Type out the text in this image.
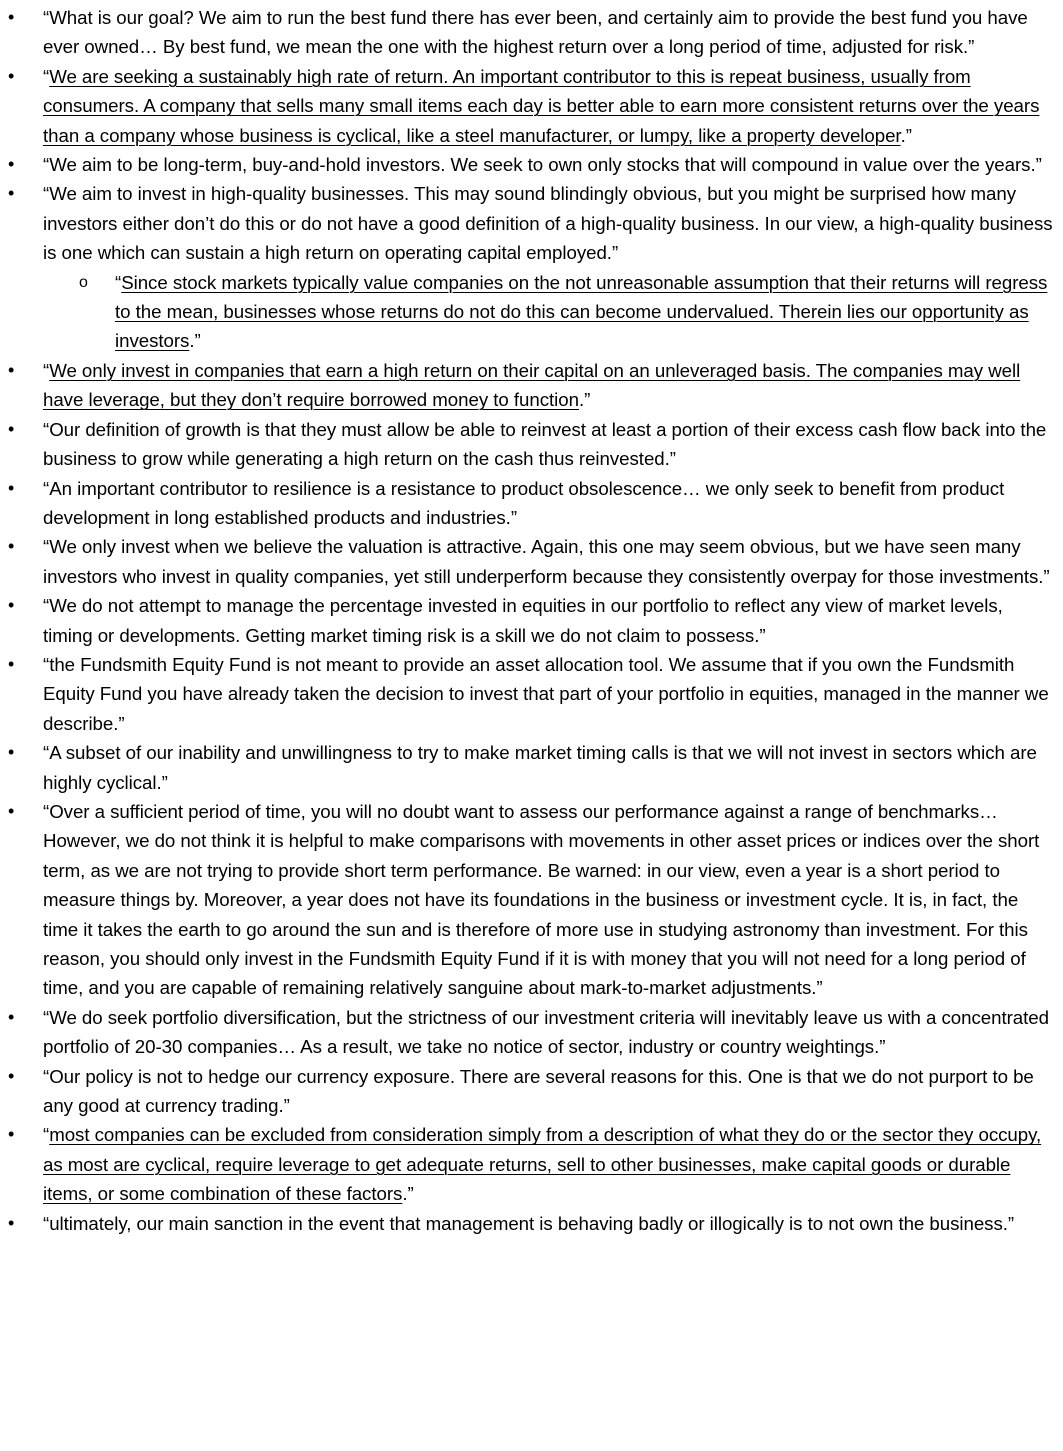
•	“What is our goal? We aim to run the best fund there has ever been, and certainly aim to provide the best fund you have ever owned… By best fund, we mean the one with the highest return over a long period of time, adjusted for risk.”
•	“We are seeking a sustainably high rate of return. An important contributor to this is repeat business, usually from consumers. A company that sells many small items each day is better able to earn more consistent returns over the years than a company whose business is cyclical, like a steel manufacturer, or lumpy, like a property developer.”
•	“We aim to be long-term, buy-and-hold investors. We seek to own only stocks that will compound in value over the years.”
•	“We aim to invest in high-quality businesses. This may sound blindingly obvious, but you might be surprised how many investors either don’t do this or do not have a good definition of a high-quality business. In our view, a high-quality business is one which can sustain a high return on operating capital employed.”
o “Since stock markets typically value companies on the not unreasonable assumption that their returns will regress to the mean, businesses whose returns do not do this can become undervalued. Therein lies our opportunity as investors.”
•	“We only invest in companies that earn a high return on their capital on an unleveraged basis. The companies may well have leverage, but they don’t require borrowed money to function.”
•	“Our definition of growth is that they must allow be able to reinvest at least a portion of their excess cash flow back into the business to grow while generating a high return on the cash thus reinvested.”
•	“An important contributor to resilience is a resistance to product obsolescence… we only seek to benefit from product development in long established products and industries.”
•	“We only invest when we believe the valuation is attractive. Again, this one may seem obvious, but we have seen many investors who invest in quality companies, yet still underperform because they consistently overpay for those investments.”
•	“We do not attempt to manage the percentage invested in equities in our portfolio to reflect any view of market levels, timing or developments. Getting market timing risk is a skill we do not claim to possess.”
•	“the Fundsmith Equity Fund is not meant to provide an asset allocation tool. We assume that if you own the Fundsmith Equity Fund you have already taken the decision to invest that part of your portfolio in equities, managed in the manner we describe.”
•	“A subset of our inability and unwillingness to try to make market timing calls is that we will not invest in sectors which are highly cyclical.”
•	“Over a sufficient period of time, you will no doubt want to assess our performance against a range of benchmarks… However, we do not think it is helpful to make comparisons with movements in other asset prices or indices over the short term, as we are not trying to provide short term performance. Be warned: in our view, even a year is a short period to measure things by. Moreover, a year does not have its foundations in the business or investment cycle. It is, in fact, the time it takes the earth to go around the sun and is therefore of more use in studying astronomy than investment. For this reason, you should only invest in the Fundsmith Equity Fund if it is with money that you will not need for a long period of time, and you are capable of remaining relatively sanguine about mark-to-market adjustments.”
•	“We do seek portfolio diversification, but the strictness of our investment criteria will inevitably leave us with a concentrated portfolio of 20-30 companies… As a result, we take no notice of sector, industry or country weightings.”
•	“Our policy is not to hedge our currency exposure. There are several reasons for this. One is that we do not purport to be any good at currency trading.”
•	“most companies can be excluded from consideration simply from a description of what they do or the sector they occupy, as most are cyclical, require leverage to get adequate returns, sell to other businesses, make capital goods or durable items, or some combination of these factors.”
•	“ultimately, our main sanction in the event that management is behaving badly or illogically is to not own the business.”
